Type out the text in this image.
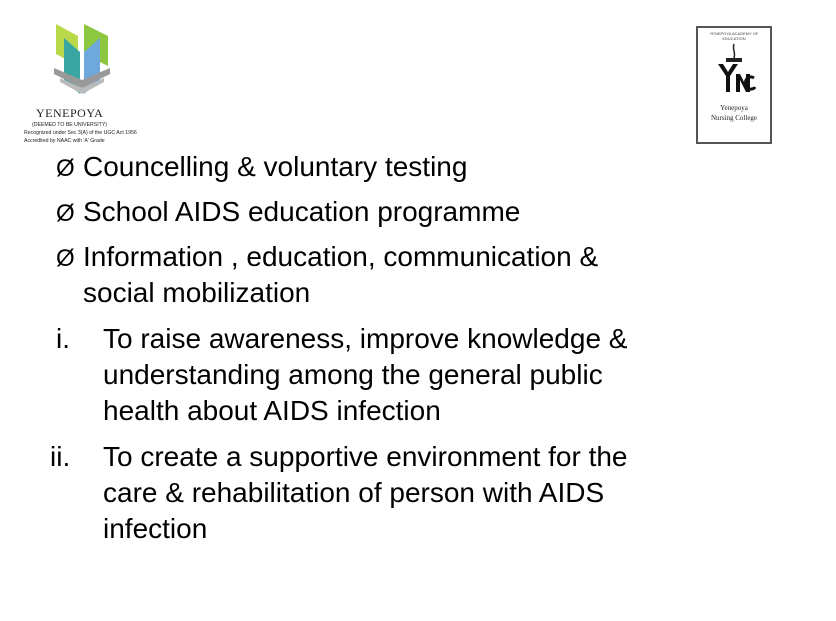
YENEPOYA
(DEEMED TO BE UNIVERSITY)
Recognized under Sec 3(A) of the UGC Act 1956
Accredited by NAAC with 'A' Grade
YENEPOYA ACADEMY OF EDUCATION
Yenepoya
Nursing College
Ø Councelling & voluntary testing
Ø School AIDS education programme
Ø Information , education, communication &
social mobilization
i. To raise awareness, improve knowledge &
understanding among the general public
health about AIDS infection
ii. To create a supportive environment for the
care & rehabilitation of person with AIDS
infection
